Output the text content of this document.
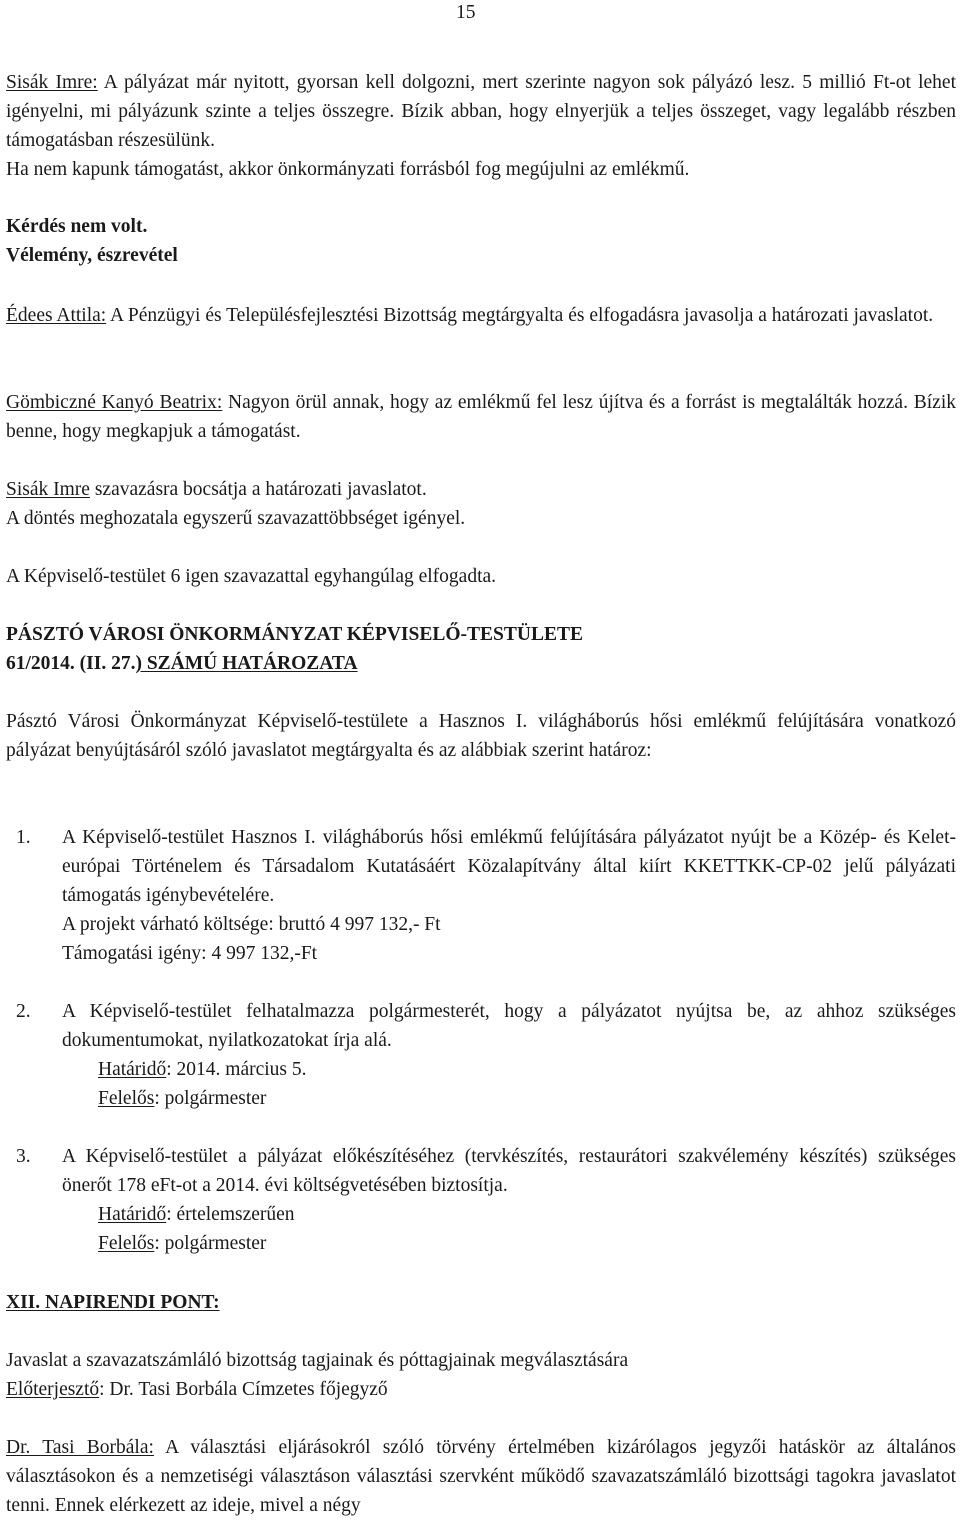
15

Sisák Imre: A pályázat már nyitott, gyorsan kell dolgozni, mert szerinte nagyon sok pályázó lesz. 5 millió Ft-ot lehet igényelni, mi pályázunk szinte a teljes összegre. Bízik abban, hogy elnyerjük a teljes összeget, vagy legalább részben támogatásban részesülünk.
Ha nem kapunk támogatást, akkor önkormányzati forrásból fog megújulni az emlékmű.

Kérdés nem volt.

Vélemény, észrevétel

Édees Attila: A Pénzügyi és Településfejlesztési Bizottság megtárgyalta és elfogadásra javasolja a határozati javaslatot.

Gömbiczné Kanyó Beatrix: Nagyon örül annak, hogy az emlékmű fel lesz újítva és a forrást is megtalálták hozzá. Bízik benne, hogy megkapjuk a támogatást.

Sisák Imre szavazásra bocsátja a határozati javaslatot.
A döntés meghozatala egyszerű szavazattöbbséget igényel.

A Képviselő-testület 6 igen szavazattal egyhangúlag elfogadta.

PÁSZTÓ VÁROSI ÖNKORMÁNYZAT KÉPVISELŐ-TESTÜLETE
61/2014. (II. 27.) SZÁMÚ HATÁROZATA

Pásztó Városi Önkormányzat Képviselő-testülete a Hasznos I. világháborús hősi emlékmű felújítására vonatkozó pályázat benyújtásáról szóló javaslatot megtárgyalta és az alábbiak szerint határoz:

1. A Képviselő-testület Hasznos I. világháborús hősi emlékmű felújítására pályázatot nyújt be a Közép- és Kelet-európai Történelem és Társadalom Kutatásáért Közalapítvány által kiírt KKETTKK-CP-02 jelű pályázati támogatás igénybevételére.
A projekt várható költsége: bruttó 4 997 132,- Ft
Támogatási igény: 4 997 132,-Ft
2. A Képviselő-testület felhatalmazza polgármesterét, hogy a pályázatot nyújtsa be, az ahhoz szükséges dokumentumokat, nyilatkozatokat írja alá.
Határidő: 2014. március 5.
Felelős: polgármester
3. A Képviselő-testület a pályázat előkészítéséhez (tervkészítés, restaurátori szakvélemény készítés) szükséges önerőt 178 eFt-ot a 2014. évi költségvetésében biztosítja.
Határidő: értelemszerűen
Felelős: polgármester

XII. NAPIRENDI PONT:

Javaslat a szavazatszámláló bizottság tagjainak és póttagjainak megválasztására
Előterjesztő: Dr. Tasi Borbála Címzetes főjegyző

Dr. Tasi Borbála: A választási eljárásokról szóló törvény értelmében kizárólagos jegyzői hatáskör az általános választásokon és a nemzetiségi választáson választási szervként működő szavazatszámláló bizottsági tagokra javaslatot tenni. Ennek elérkezett az ideje, mivel a négy
